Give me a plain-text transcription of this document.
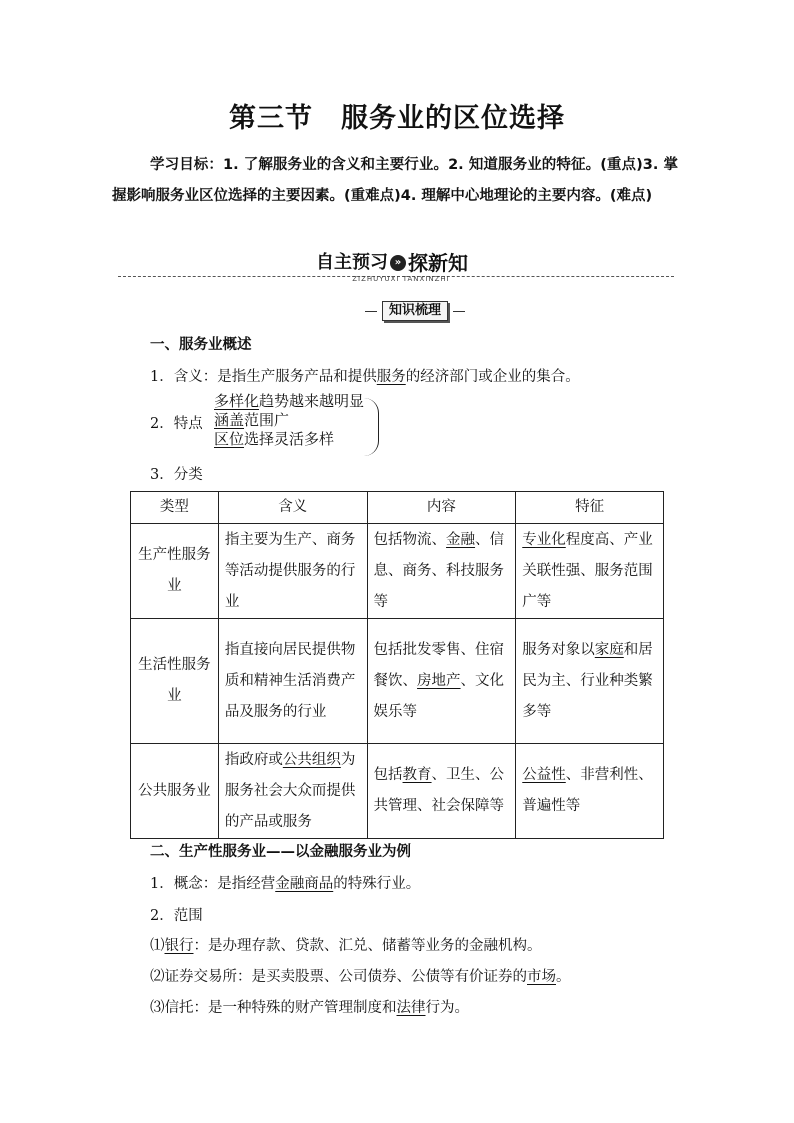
第三节　服务业的区位选择
学习目标：1. 了解服务业的含义和主要行业。2. 知道服务业的特征。(重点)3. 掌握影响服务业区位选择的主要因素。(重难点)4. 理解中心地理论的主要内容。(难点)
自主预习 » 探新知
ZIZHUYUXI TANXINZHI
知识梳理
一、服务业概述
1．含义：是指生产服务产品和提供服务的经济部门或企业的集合。
2．特点
多样化趋势越来越明显
涵盖范围广
区位选择灵活多样
3．分类
类型	含义	内容	特征
生产性服务业	指主要为生产、商务等活动提供服务的行业	包括物流、金融、信息、商务、科技服务等	专业化程度高、产业关联性强、服务范围广等
生活性服务业	指直接向居民提供物质和精神生活消费产品及服务的行业	包括批发零售、住宿餐饮、房地产、文化娱乐等	服务对象以家庭和居民为主、行业种类繁多等
公共服务业	指政府或公共组织为服务社会大众而提供的产品或服务	包括教育、卫生、公共管理、社会保障等	公益性、非营利性、普遍性等
二、生产性服务业——以金融服务业为例
1．概念：是指经营金融商品的特殊行业。
2．范围
⑴银行：是办理存款、贷款、汇兑、储蓄等业务的金融机构。
⑵证券交易所：是买卖股票、公司债券、公债等有价证券的市场。
⑶信托：是一种特殊的财产管理制度和法律行为。
